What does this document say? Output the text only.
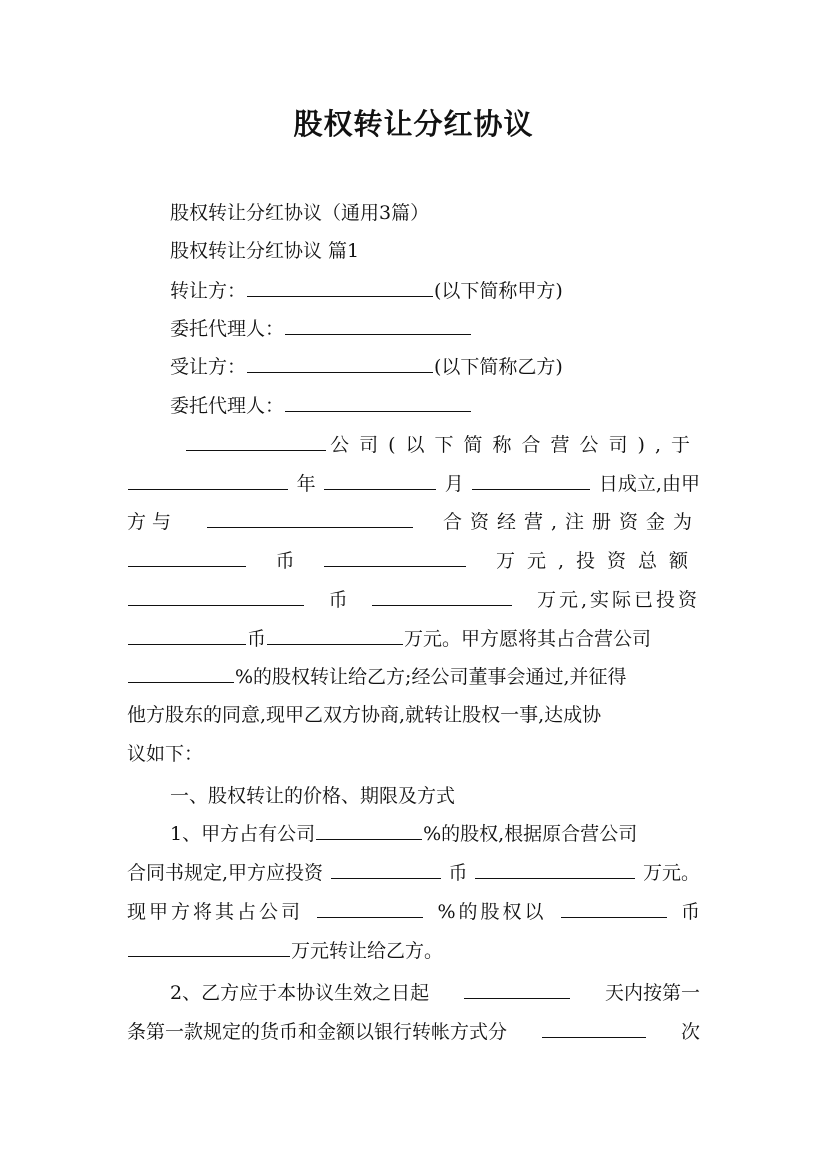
股权转让分红协议
股权转让分红协议（通用3篇）
股权转让分红协议 篇1
转让方：	(以下简称甲方)
委托代理人：
受让方：	(以下简称乙方)
委托代理人：
公司(以下简称合营公司),于
年	月	日成立,由甲
方与	合资经营,注册资金为
币	万元,投资总额
币	万元,实际已投资
币	万元。甲方愿将其占合营公司
%的股权转让给乙方;经公司董事会通过,并征得
他方股东的同意,现甲乙双方协商,就转让股权一事,达成协
议如下：
一、股权转让的价格、期限及方式
1、甲方占有公司	%的股权,根据原合营公司
合同书规定,甲方应投资	币	万元。
现甲方将其占公司	%的股权以	币
万元转让给乙方。
2、乙方应于本协议生效之日起	天内按第一
条第一款规定的货币和金额以银行转帐方式分	次
